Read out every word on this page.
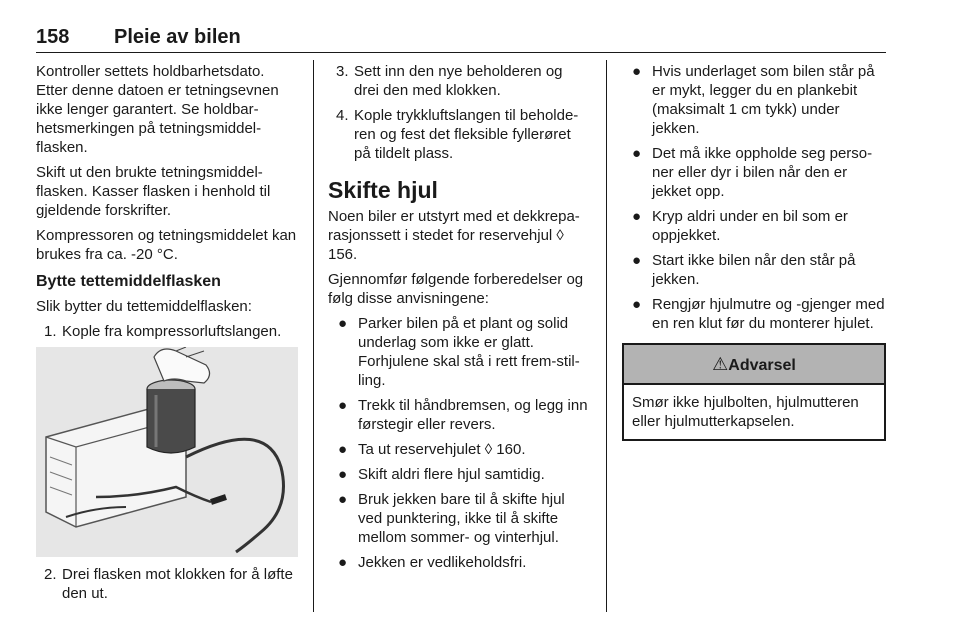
158 Pleie av bilen

Kontroller settets holdbarhetsdato. Etter denne datoen er tetningsevnen ikke lenger garantert. Se holdbar-hetsmerkingen på tetningsmiddel-flasken.

Skift ut den brukte tetningsmiddel-flasken. Kasser flasken i henhold til gjeldende forskrifter.

Kompressoren og tetningsmiddelet kan brukes fra ca. -20 °C.

Bytte tettemiddelflasken

Slik bytter du tettemiddelflasken:

1. Kople fra kompressorluftslangen.
2. Drei flasken mot klokken for å løfte den ut.
3. Sett inn den nye beholderen og drei den med klokken.
4. Kople trykkluftslangen til beholde-ren og fest det fleksible fyllerøret på tildelt plass.
Skifte hjul

Noen biler er utstyrt med et dekkrepa-rasjonssett i stedet for reservehjul ◊ 156.

Gjennomfør følgende forberedelser og følg disse anvisningene:

● Parker bilen på et plant og solid underlag som ikke er glatt. Forhjulene skal stå i rett frem-stil-ling.
● Trekk til håndbremsen, og legg inn førstegir eller revers.
● Ta ut reservehjulet ◊ 160.
● Skift aldri flere hjul samtidig.
● Bruk jekken bare til å skifte hjul ved punktering, ikke til å skifte mellom sommer- og vinterhjul.
● Jekken er vedlikeholdsfri.
● Hvis underlaget som bilen står på er mykt, legger du en plankebit (maksimalt 1 cm tykk) under jekken.
● Det må ikke oppholde seg perso-ner eller dyr i bilen når den er jekket opp.
● Kryp aldri under en bil som er oppjekket.
● Start ikke bilen når den står på jekken.
● Rengjør hjulmutre og -gjenger med en ren klut før du monterer hjulet.
⚠Advarsel
Smør ikke hjulbolten, hjulmutteren eller hjulmutterkapselen.
